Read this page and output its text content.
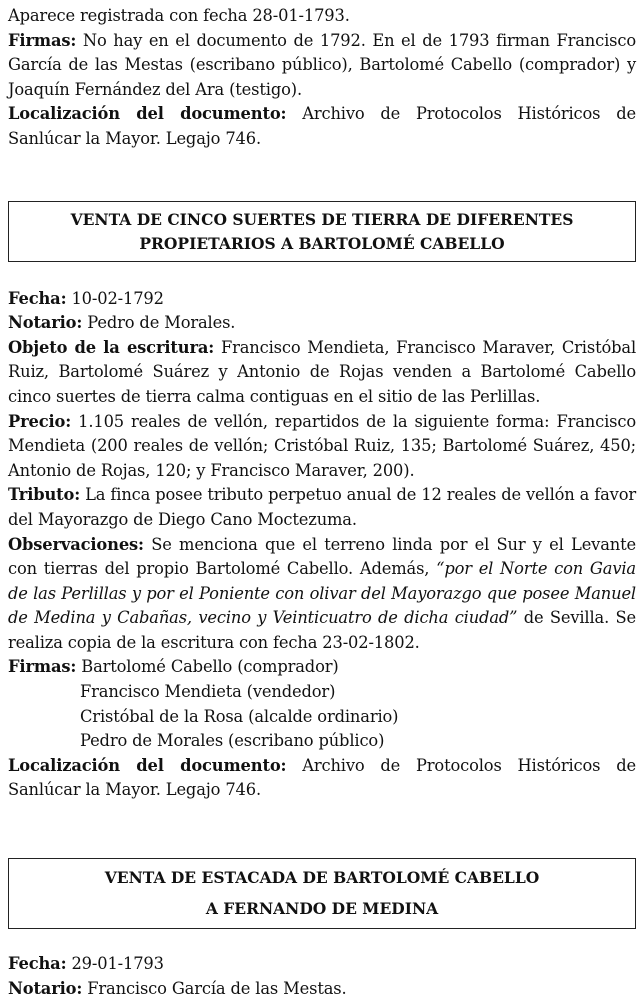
Aparece registrada con fecha 28-01-1793.

Firmas: No hay en el documento de 1792. En el de 1793 firman Francisco García de las Mestas (escribano público), Bartolomé Cabello (comprador) y Joaquín Fernández del Ara (testigo).

Localización del documento: Archivo de Protocolos Históricos de Sanlúcar la Mayor. Legajo 746.

VENTA DE CINCO SUERTES DE TIERRA DE DIFERENTES
PROPIETARIOS A BARTOLOMÉ CABELLO

Fecha: 10-02-1792

Notario: Pedro de Morales.

Objeto de la escritura: Francisco Mendieta, Francisco Maraver, Cristóbal Ruiz, Bartolomé Suárez y Antonio de Rojas venden a Bartolomé Cabello cinco suertes de tierra calma contiguas en el sitio de las Perlillas.

Precio: 1.105 reales de vellón, repartidos de la siguiente forma: Francisco Mendieta (200 reales de vellón; Cristóbal Ruiz, 135; Bartolomé Suárez, 450; Antonio de Rojas, 120; y Francisco Maraver, 200).

Tributo: La finca posee tributo perpetuo anual de 12 reales de vellón a favor del Mayorazgo de Diego Cano Moctezuma.

Observaciones: Se menciona que el terreno linda por el Sur y el Levante con tierras del propio Bartolomé Cabello. Además, “por el Norte con Gavia de las Perlillas y por el Poniente con olivar del Mayorazgo que posee Manuel de Medina y Cabañas, vecino y Veinticuatro de dicha ciudad” de Sevilla. Se realiza copia de la escritura con fecha 23-02-1802.

Firmas: Bartolomé Cabello (comprador)

Francisco Mendieta (vendedor)

Cristóbal de la Rosa (alcalde ordinario)

Pedro de Morales (escribano público)

Localización del documento: Archivo de Protocolos Históricos de Sanlúcar la Mayor. Legajo 746.

VENTA DE ESTACADA DE BARTOLOMÉ CABELLO
A FERNANDO DE MEDINA

Fecha: 29-01-1793

Notario: Francisco García de las Mestas.
